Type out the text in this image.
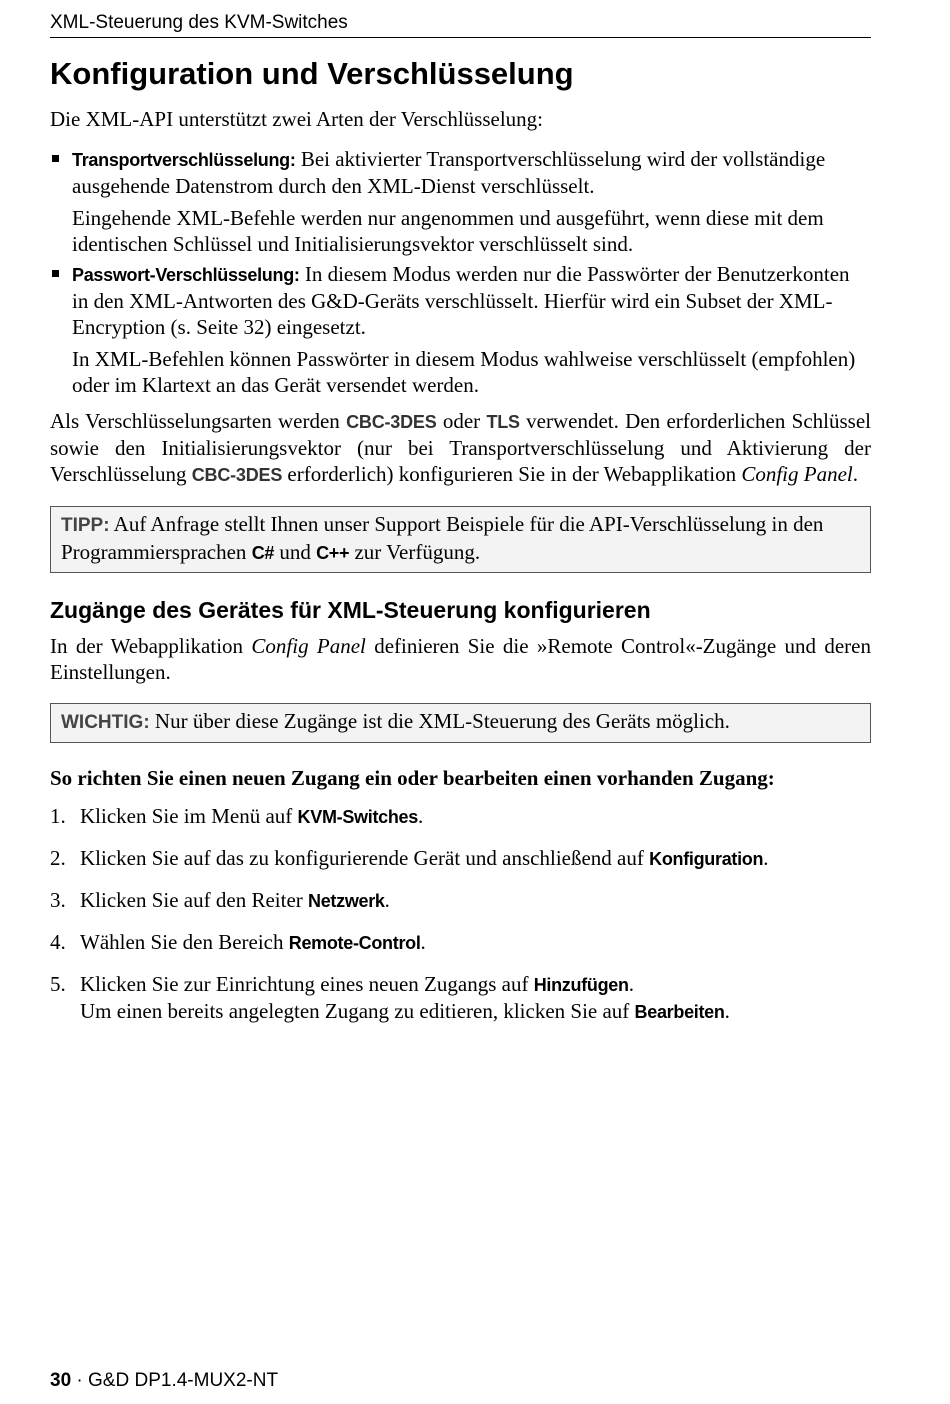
XML-Steuerung des KVM-Switches
Konfiguration und Verschlüsselung

Die XML-API unterstützt zwei Arten der Verschlüsselung:

Transportverschlüsselung: Bei aktivierter Transportverschlüsselung wird der vollständige ausgehende Datenstrom durch den XML-Dienst verschlüsselt.

Eingehende XML-Befehle werden nur angenommen und ausgeführt, wenn diese mit dem identischen Schlüssel und Initialisierungsvektor verschlüsselt sind.

Passwort-Verschlüsselung: In diesem Modus werden nur die Passwörter der Benutzerkonten in den XML-Antworten des G&D-Geräts verschlüsselt. Hierfür wird ein Subset der XML-Encryption (s. Seite 32) eingesetzt.

In XML-Befehlen können Passwörter in diesem Modus wahlweise verschlüsselt (empfohlen) oder im Klartext an das Gerät versendet werden.

Als Verschlüsselungsarten werden CBC-3DES oder TLS verwendet. Den erforderlichen Schlüssel sowie den Initialisierungsvektor (nur bei Transportverschlüsselung und Aktivierung der Verschlüsselung CBC-3DES erforderlich) konfigurieren Sie in der Webapplikation Config Panel.

TIPP: Auf Anfrage stellt Ihnen unser Support Beispiele für die API-Verschlüsselung in den Programmiersprachen C# und C++ zur Verfügung.
Zugänge des Gerätes für XML-Steuerung konfigurieren

In der Webapplikation Config Panel definieren Sie die »Remote Control«-Zugänge und deren Einstellungen.

WICHTIG: Nur über diese Zugänge ist die XML-Steuerung des Geräts möglich.

So richten Sie einen neuen Zugang ein oder bearbeiten einen vorhanden Zugang:

1. Klicken Sie im Menü auf KVM-Switches.
2. Klicken Sie auf das zu konfigurierende Gerät und anschließend auf Konfiguration.
3. Klicken Sie auf den Reiter Netzwerk.
4. Wählen Sie den Bereich Remote-Control.
5. Klicken Sie zur Einrichtung eines neuen Zugangs auf Hinzufügen.
Um einen bereits angelegten Zugang zu editieren, klicken Sie auf Bearbeiten.
30 · G&D DP1.4-MUX2-NT
